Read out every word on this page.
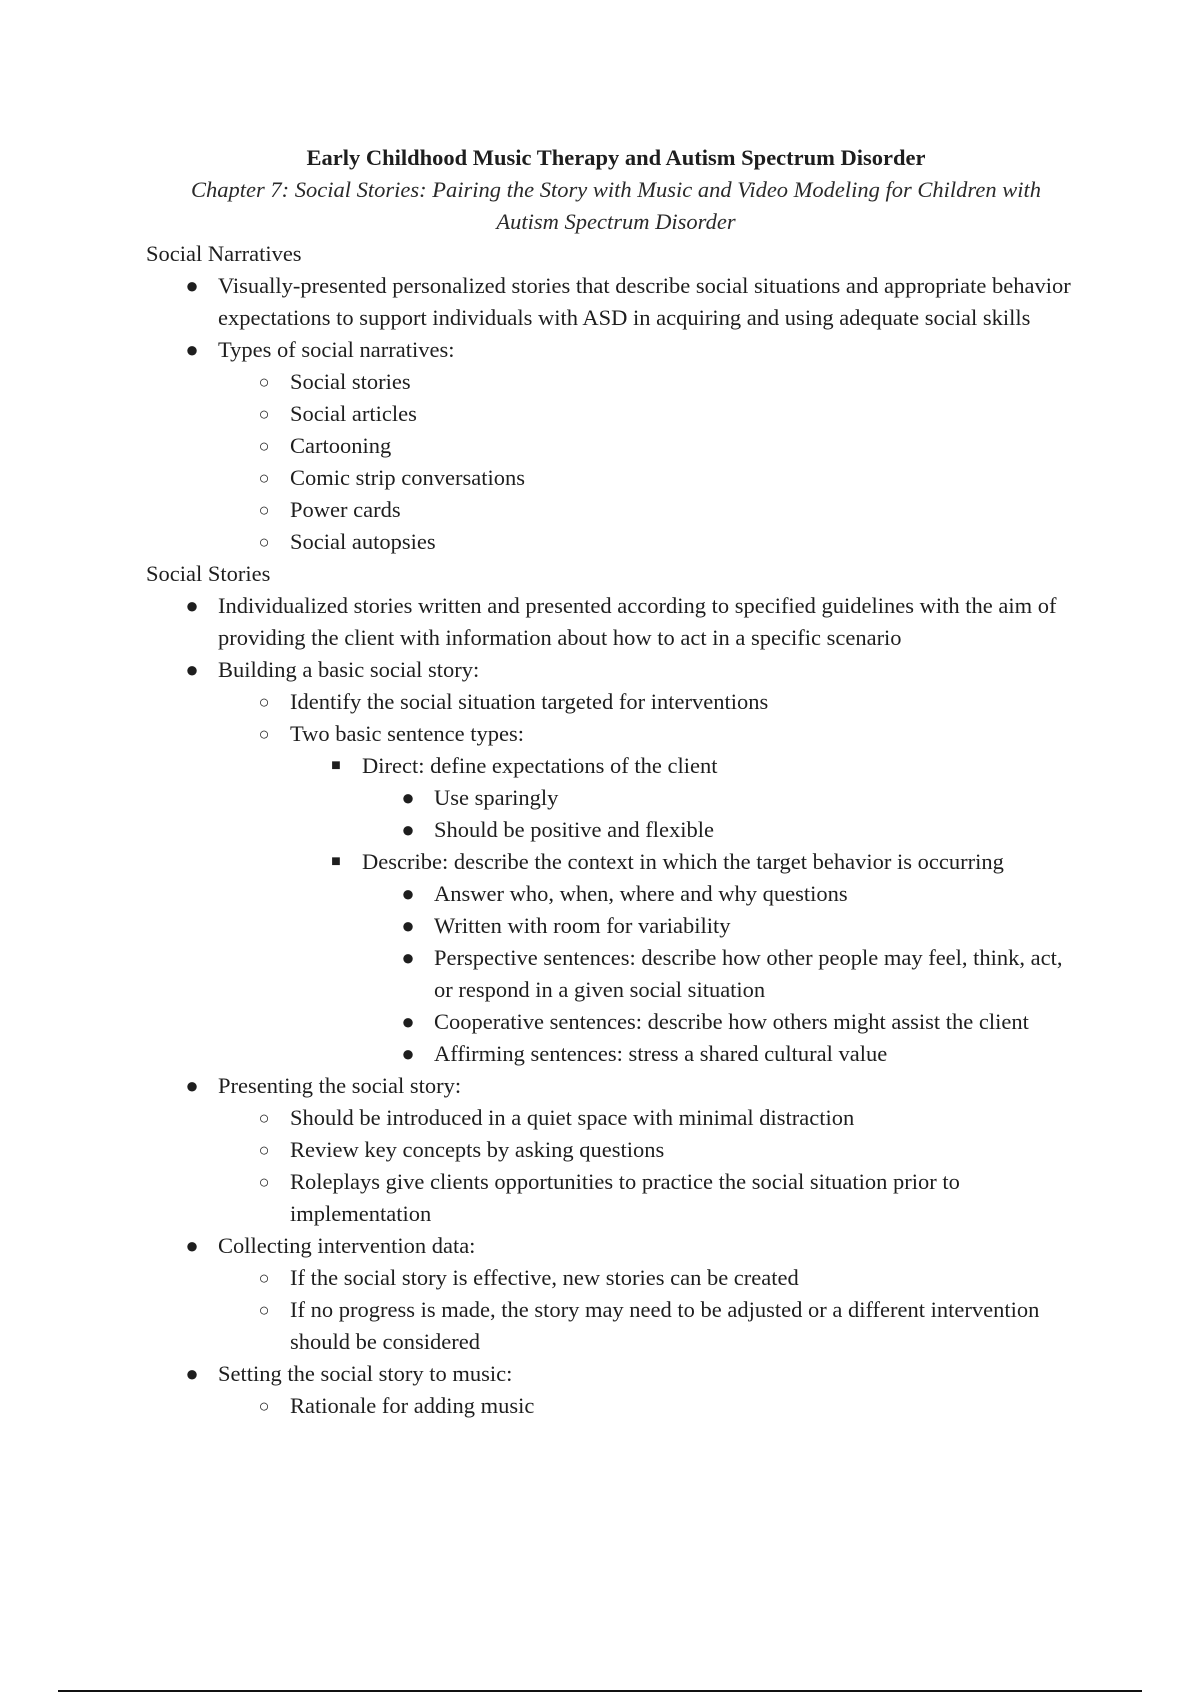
Early Childhood Music Therapy and Autism Spectrum Disorder

Chapter 7: Social Stories: Pairing the Story with Music and Video Modeling for Children with
Autism Spectrum Disorder

Social Narratives

● Visually-presented personalized stories that describe social situations and appropriate behavior expectations to support individuals with ASD in acquiring and using adequate social skills
● Types of social narratives:
○ Social stories
○ Social articles
○ Cartooning
○ Comic strip conversations
○ Power cards
○ Social autopsies

Social Stories

● Individualized stories written and presented according to specified guidelines with the aim of providing the client with information about how to act in a specific scenario
● Building a basic social story:
○ Identify the social situation targeted for interventions
○ Two basic sentence types:
■ Direct: define expectations of the client
● Use sparingly
● Should be positive and flexible
■ Describe: describe the context in which the target behavior is occurring
● Answer who, when, where and why questions
● Written with room for variability
● Perspective sentences: describe how other people may feel, think, act, or respond in a given social situation
● Cooperative sentences: describe how others might assist the client
● Affirming sentences: stress a shared cultural value
● Presenting the social story:
○ Should be introduced in a quiet space with minimal distraction
○ Review key concepts by asking questions
○ Roleplays give clients opportunities to practice the social situation prior to implementation
● Collecting intervention data:
○ If the social story is effective, new stories can be created
○ If no progress is made, the story may need to be adjusted or a different intervention should be considered
● Setting the social story to music:
○ Rationale for adding music
